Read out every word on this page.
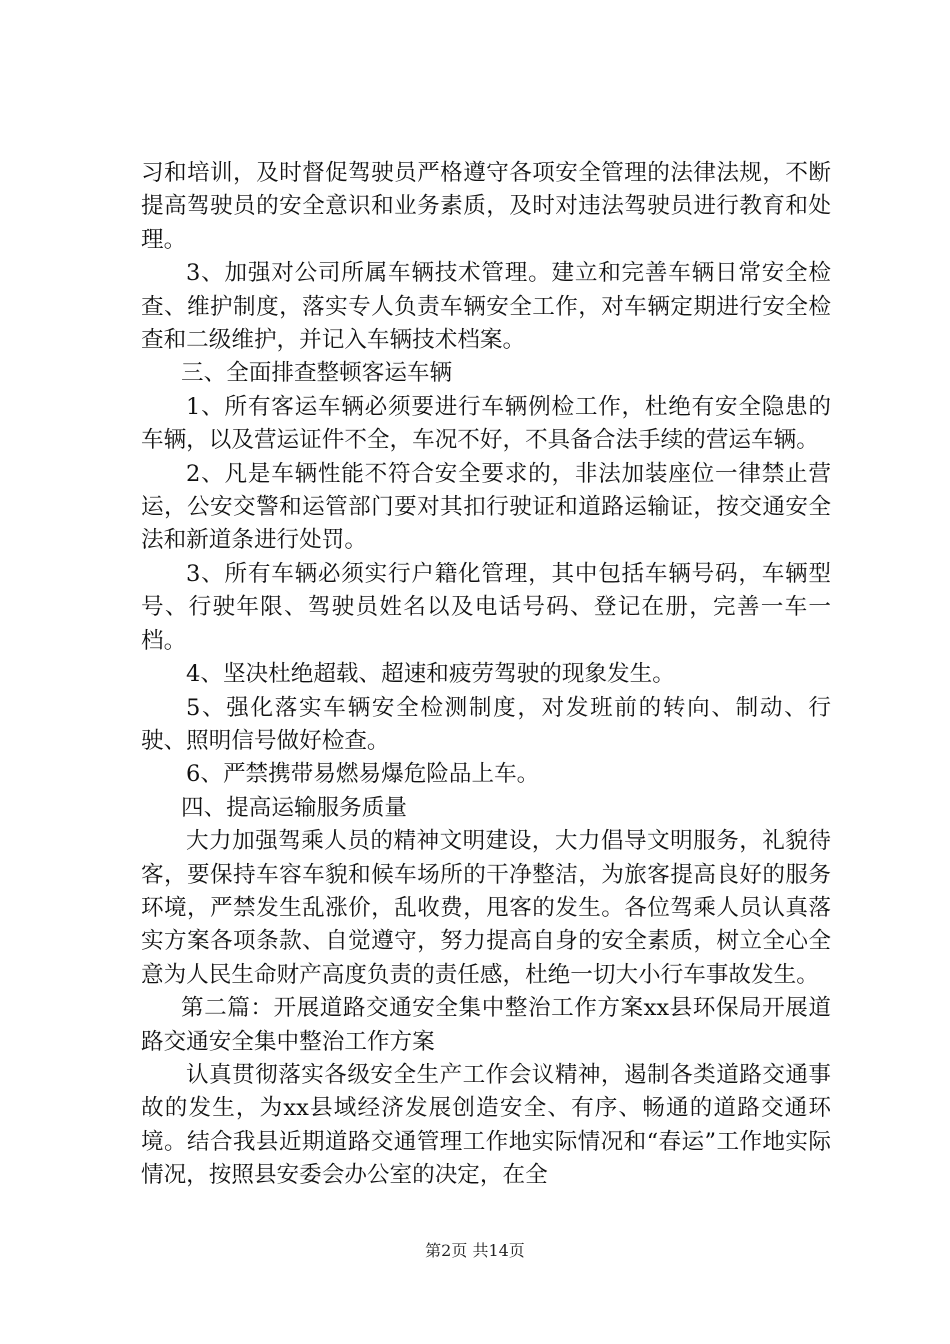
习和培训，及时督促驾驶员严格遵守各项安全管理的法律法规，不断提高驾驶员的安全意识和业务素质，及时对违法驾驶员进行教育和处理。

3、加强对公司所属车辆技术管理。建立和完善车辆日常安全检查、维护制度，落实专人负责车辆安全工作，对车辆定期进行安全检查和二级维护，并记入车辆技术档案。

三、全面排查整顿客运车辆

1、所有客运车辆必须要进行车辆例检工作，杜绝有安全隐患的车辆，以及营运证件不全，车况不好，不具备合法手续的营运车辆。

2、凡是车辆性能不符合安全要求的，非法加装座位一律禁止营运，公安交警和运管部门要对其扣行驶证和道路运输证，按交通安全法和新道条进行处罚。

3、所有车辆必须实行户籍化管理，其中包括车辆号码，车辆型号、行驶年限、驾驶员姓名以及电话号码、登记在册，完善一车一档。

4、坚决杜绝超载、超速和疲劳驾驶的现象发生。

5、强化落实车辆安全检测制度，对发班前的转向、制动、行驶、照明信号做好检查。

6、严禁携带易燃易爆危险品上车。

四、提高运输服务质量

大力加强驾乘人员的精神文明建设，大力倡导文明服务，礼貌待客，要保持车容车貌和候车场所的干净整洁，为旅客提高良好的服务环境，严禁发生乱涨价，乱收费，甩客的发生。各位驾乘人员认真落实方案各项条款、自觉遵守，努力提高自身的安全素质，树立全心全意为人民生命财产高度负责的责任感，杜绝一切大小行车事故发生。

第二篇：开展道路交通安全集中整治工作方案xx县环保局开展道路交通安全集中整治工作方案

认真贯彻落实各级安全生产工作会议精神，遏制各类道路交通事故的发生，为xx县域经济发展创造安全、有序、畅通的道路交通环境。结合我县近期道路交通管理工作地实际情况和“春运”工作地实际情况，按照县安委会办公室的决定，在全

第2页 共14页
